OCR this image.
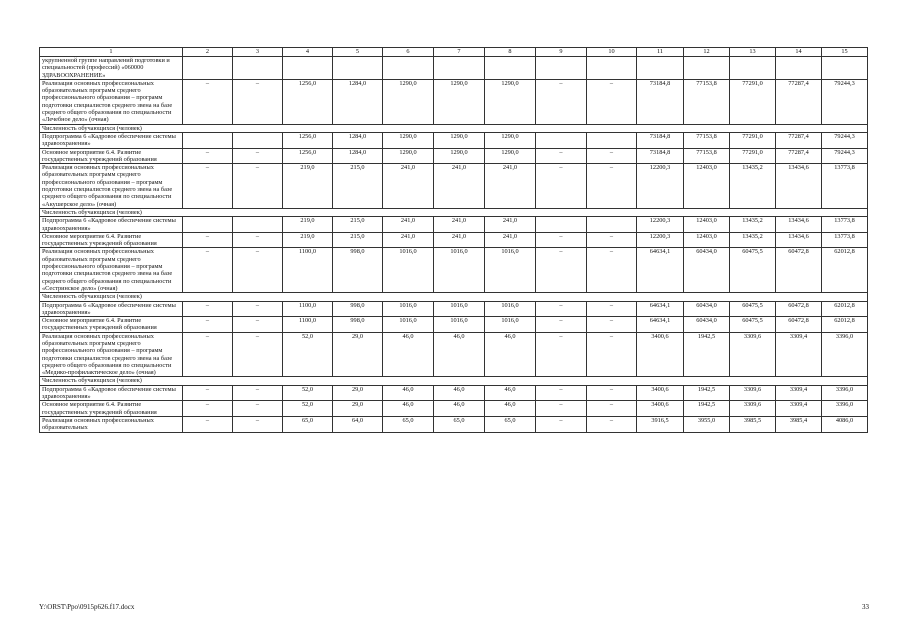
1	2	3	4	5	6	7	8	9	10	11	12	13	14	15
укрупненной группе направлений подготовки и специальностей (профессий) «060000 ЗДРАВООХРАНЕНИЕ»														
Реализация основных профессиональных образовательных программ среднего профессионального образования – программ подготовки специалистов среднего звена на базе среднего общего образования по специальности «Лечебное дело» (очная)	–	–	1256,0	1284,0	1290,0	1290,0	1290,0	–	–	73184,8	77153,8	77291,0	77287,4	79244,3
Численность обучающихся (человек)														
Подпрограмма 6 «Кадровое обеспечение системы здравоохранения»			1256,0	1284,0	1290,0	1290,0	1290,0			73184,8	77153,8	77291,0	77287,4	79244,3
Основное мероприятие 6.4. Развитие государственных учреждений образования	–	–	1256,0	1284,0	1290,0	1290,0	1290,0	–	–	73184,8	77153,8	77291,0	77287,4	79244,3
Реализация основных профессиональных образовательных программ среднего профессионального образования – программ подготовки специалистов среднего звена на базе среднего общего образования по специальности «Акушерское дело» (очная)	–	–	219,0	215,0	241,0	241,0	241,0	–	–	12200,3	12403,0	13435,2	13434,6	13773,8
Численность обучающихся (человек)														
Подпрограмма 6 «Кадровое обеспечение системы здравоохранения»			219,0	215,0	241,0	241,0	241,0			12200,3	12403,0	13435,2	13434,6	13773,8
Основное мероприятие 6.4. Развитие государственных учреждений образования	–	–	219,0	215,0	241,0	241,0	241,0	–	–	12200,3	12403,0	13435,2	13434,6	13773,8
Реализация основных профессиональных образовательных программ среднего профессионального образования – программ подготовки специалистов среднего звена на базе среднего общего образования по специальности «Сестринское дело» (очная)	–	–	1100,0	998,0	1016,0	1016,0	1016,0	–	–	64634,1	60434,0	60475,5	60472,8	62012,8
Численность обучающихся (человек)														
Подпрограмма 6 «Кадровое обеспечение системы здравоохранения»	–	–	1100,0	998,0	1016,0	1016,0	1016,0	–	–	64634,1	60434,0	60475,5	60472,8	62012,8
Основное мероприятие 6.4. Развитие государственных учреждений образования	–	–	1100,0	998,0	1016,0	1016,0	1016,0	–	–	64634,1	60434,0	60475,5	60472,8	62012,8
Реализация основных профессиональных образовательных программ среднего профессионального образования – программ подготовки специалистов среднего звена на базе среднего общего образования по специальности «Медико-профилактическое дело» (очная)	–	–	52,0	29,0	46,0	46,0	46,0	–	–	3400,6	1942,5	3309,6	3309,4	3396,0
Численность обучающихся (человек)														
Подпрограмма 6 «Кадровое обеспечение системы здравоохранения»	–	–	52,0	29,0	46,0	46,0	46,0	–	–	3400,6	1942,5	3309,6	3309,4	3396,0
Основное мероприятие 6.4. Развитие государственных учреждений образования	–	–	52,0	29,0	46,0	46,0	46,0	–	–	3400,6	1942,5	3309,6	3309,4	3396,0
Реализация основных профессиональных образовательных	–	–	65,0	64,0	65,0	65,0	65,0	–	–	3916,5	3955,0	3985,5	3985,4	4086,0
Y:\ORST\Ppo\0915p626.f17.docx	33
